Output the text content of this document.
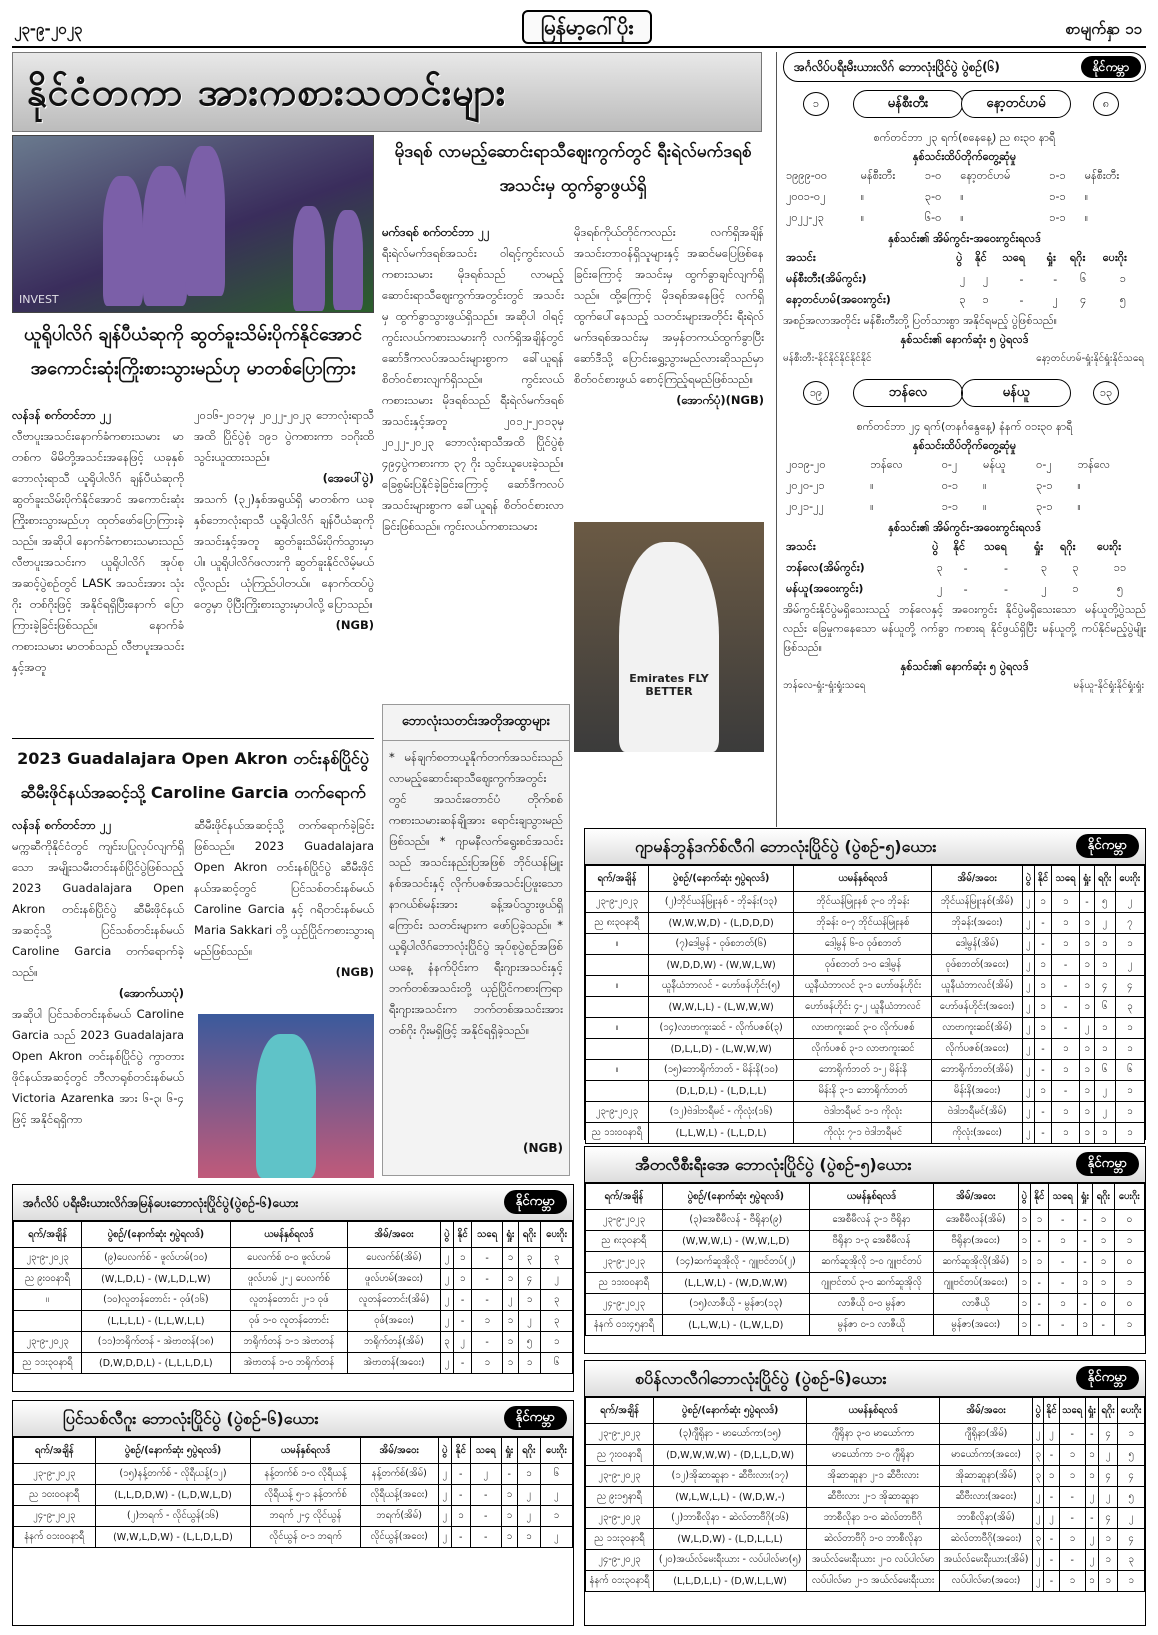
၂၃-၉-၂၀၂၃	မြန်မာ့ဂေါ်ပိုး	စာမျက်နှာ ၁၁
နိုင်ငံတကာ အားကစားသတင်းများ
INVEST
ယူရိုပါလိဂ် ချန်ပီယံဆုကို ဆွတ်ခူးသိမ်းပိုက်နိုင်အောင် အကောင်းဆုံးကြိုးစားသွားမည်ဟု မာတစ်ပြောကြား
လန်ဒန် စက်တင်ဘာ ၂၂
လီဗာပူးအသင်းနောက်ခံကစားသမား မာတစ်က မိမိတို့အသင်းအနေဖြင့် ယခုနှစ်ဘောလုံးရာသီ ယူရိုပါလိဂ် ချန်ပီယံဆုကို ဆွတ်ခူးသိမ်းပိုက်နိုင်အောင် အကောင်းဆုံးကြိုးစားသွားမည်ဟု ထုတ်ဖော်ပြောကြားခဲ့သည်။ အဆိုပါ နောက်ခံကစားသမားသည် လီဗာပူးအသင်းက ယူရိုပါလိဂ် အုပ်စုအဆင့်ပွဲစဉ်တွင် LASK အသင်းအား သုံးဂိုး တစ်ဂိုးဖြင့် အနိုင်ရရှိပြီးနောက် ပြောကြားခဲ့ခြင်းဖြစ်သည်။ နောက်ခံကစားသမား မာတစ်သည် လီဗာပူးအသင်းနှင့်အတူ
၂၀၁၆-၂၀၁၇မှ ၂၀၂၂-၂၀၂၃ ဘောလုံးရာသီအထိ ပြိုင်ပွဲစုံ ၁၉၁ ပွဲကစားကာ ၁၁ဂိုးထိ သွင်းယူထားသည်။
(အေပေါ်ပွဲ)
အသက် (၃၂)နှစ်အရွယ်ရှိ မာတစ်က ယခုနှစ်ဘောလုံးရာသီ ယူရိုပါလိဂ် ချန်ပီယံဆုကို အသင်းနှင့်အတူ ဆွတ်ခူးသိမ်းပိုက်သွားမှာပါ။ ယူရိုပါလိဂ်ဖလားကို ဆွတ်ခူးနိုင်လိမ့်မယ်လို့လည်း ယုံကြည်ပါတယ်။ နောက်ထပ်ပွဲတွေမှာ ပိုပြီးကြိုးစားသွားမှာပါလို့ ပြောသည်။
(NGB)
2023 Guadalajara Open Akron တင်းနစ်ပြိုင်ပွဲ ဆီမီးဖိုင်နယ်အဆင့်သို့ Caroline Garcia တက်ရောက်
လန်ဒန် စက်တင်ဘာ ၂၂
မက္ကဆီကိုနိုင်ငံတွင် ကျင်းပပြုလုပ်လျက်ရှိသော အမျိုးသမီးတင်းနစ်ပြိုင်ပွဲဖြစ်သည့် 2023 Guadalajara Open Akron တင်းနစ်ပြိုင်ပွဲ ဆီမီးဖိုင်နယ်အဆင့်သို့ ပြင်သစ်တင်းနစ်မယ် Caroline Garcia တက်ရောက်ခဲ့သည်။
(အောက်ယာပုံ)
အဆိုပါ ပြင်သစ်တင်းနစ်မယ် Caroline Garcia သည် 2023 Guadalajara Open Akron တင်းနစ်ပြိုင်ပွဲ ကွာတားဖိုင်နယ်အဆင့်တွင် ဘီလာရုစ်တင်းနစ်မယ် Victoria Azarenka အား ၆-၃၊ ၆-၄ ဖြင့် အနိုင်ရရှိကာ
ဆီမီးဖိုင်နယ်အဆင့်သို့ တက်ရောက်ခဲ့ခြင်းဖြစ်သည်။ 2023 Guadalajara Open Akron တင်းနစ်ပြိုင်ပွဲ ဆီမီးဖိုင်နယ်အဆင့်တွင် ပြင်သစ်တင်းနစ်မယ် Caroline Garcia နှင့် ဂရိတင်းနစ်မယ် Maria Sakkari တို့ ယှဉ်ပြိုင်ကစားသွားရမည်ဖြစ်သည်။
(NGB)
မိုဒရစ် လာမည့်ဆောင်းရာသီဈေးကွက်တွင် ရီးရဲလ်မက်ဒရစ်အသင်းမှ ထွက်ခွာဖွယ်ရှိ
မက်ဒရစ် စက်တင်ဘာ ၂၂
ရီးရဲလ်မက်ဒရစ်အသင်း ဝါရင့်ကွင်းလယ်ကစားသမား မိုဒရစ်သည် လာမည့် ဆောင်းရာသီဈေးကွက်အတွင်းတွင် အသင်းမှ ထွက်ခွာသွားဖွယ်ရှိသည်။ အဆိုပါ ဝါရင့်ကွင်းလယ်ကစားသမားကို လက်ရှိအချိန်တွင် ဆော်ဒီကလပ်အသင်းများစွာက ခေါ်ယူရန် စိတ်ဝင်စားလျက်ရှိသည်။ ကွင်းလယ်ကစားသမား မိုဒရစ်သည် ရီးရဲလ်မက်ဒရစ်အသင်းနှင့်အတူ ၂၀၁၂-၂၀၁၃မှ ၂၀၂၂-၂၀၂၃ ဘောလုံးရာသီအထိ ပြိုင်ပွဲစုံ ၄၉၄ပွဲကစားကာ ၃၇ ဂိုး သွင်းယူပေးခဲ့သည်။ ခြေစွမ်းပြနိုင်ခဲ့ခြင်းကြောင့် ဆော်ဒီကလပ်အသင်းများစွာက ခေါ်ယူရန် စိတ်ဝင်စားလာခြင်းဖြစ်သည်။ ကွင်းလယ်ကစားသမား
မိုဒရစ်ကိုယ်တိုင်ကလည်း လက်ရှိအချိန် အသင်းတာဝန်ရှိသူများနှင့် အဆင်မပြေဖြစ်နေခြင်းကြောင့် အသင်းမှ ထွက်ခွာချင်လျက်ရှိသည်။ ထို့ကြောင့် မိုဒရစ်အနေဖြင့် လက်ရှိထွက်ပေါ်နေသည့် သတင်းများအတိုင်း ရီးရဲလ်မက်ဒရစ်အသင်းမှ အမှန်တကယ်ထွက်ခွာပြီး ဆော်ဒီသို့ ပြောင်းရွှေ့သွားမည်လားဆိုသည်မှာ စိတ်ဝင်စားဖွယ် စောင့်ကြည့်ရမည်ဖြစ်သည်။
(အောက်ပုံ)(NGB)
Emirates FLY BETTER
ဘောလုံးသတင်းအတိုအထွာများ
* မန်ချက်စတာယူနိုက်တက်အသင်းသည် လာမည့်ဆောင်းရာသီဈေးကွက်အတွင်းတွင် အသင်းတောင်ပံ တိုက်စစ်ကစားသမားဆန်ချိုအား ရောင်းချသွားမည်ဖြစ်သည်။ * ဂျာမနီလက်ရွေးစင်အသင်းသည် အသင်းနည်းပြအဖြစ် ဘိုင်ယန်မြူးနစ်အသင်းနှင့် လိုက်ပဇစ်အသင်းပြဖူးသော နာဂယ်စ်မန်းအား ခန့်အပ်သွားဖွယ်ရှိကြောင်း သတင်းများက ဖော်ပြခဲ့သည်။ * ယူရိုပါလိဂ်ဘောလုံးပြိုင်ပွဲ အုပ်စုပွဲစဉ်အဖြစ် ယနေ့ နံနက်ပိုင်းက ရီးဂျားအသင်းနှင့် ဘက်တစ်အသင်းတို့ ယှဉ်ပြိုင်ကစားကြရာ ရီးဂျားအသင်းက ဘက်တစ်အသင်းအား တစ်ဂိုး ဂိုးမရှိဖြင့် အနိုင်ရရှိခဲ့သည်။
(NGB)
အင်္ဂလိပ်ပရီးမီးယားလိဂ် ဘောလုံးပြိုင်ပွဲ ပွဲစဉ်(၆)	နိုင်ကမ္ဘာ
၁	မန်စီးတီး	နော့တင်ဟမ်	၈
စက်တင်ဘာ ၂၃ ရက်(စနေနေ့) ည ၈း၃၀ နာရီ
နှစ်သင်းထိပ်တိုက်တွေ့ဆုံမှု
၁၉၉၉-၀၀	မန်စီးတီး	၁-၀	နော့တင်ဟမ်	၁-၁	မန်စီးတီး
၂၀၀၁-၀၂	။	၃-၀	။	၁-၁	။
၂၀၂၂-၂၃	။	၆-၀	။	၁-၁	။
နှစ်သင်း၏ အိမ်ကွင်း-အဝေးကွင်းရလဒ်
အသင်း	ပွဲ	နိုင်	သရေ	ရှုံး	ရဂိုး	ပေးဂိုး
မန်စီးတီး(အိမ်ကွင်း)	၂	၂	-	-	၆	၁
နော့တင်ဟမ်(အဝေးကွင်း)	၃	၁	-	၂	၄	၅
အစဉ်အလာအတိုင်း မန်စီးတီးတို့ ပြတ်သားစွာ အနိုင်ရမည့် ပွဲဖြစ်သည်။
နှစ်သင်း၏ နောက်ဆုံး ၅ ပွဲရလဒ်
မန်စီးတီး-နိုင်နိုင်နိုင်နိုင်နိုင်	နော့တင်ဟမ်-ရှုံးနိုင်ရှုံးနိုင်သရေ
၁၉	ဘန်လေ	မန်ယူ	၁၃
စက်တင်ဘာ ၂၄ ရက်(တနင်္ဂနွေနေ့) နံနက် ၀၁း၃၀ နာရီ
နှစ်သင်းထိပ်တိုက်တွေ့ဆုံမှု
၂၀၁၉-၂၀	ဘန်လေ	၀-၂	မန်ယူ	၀-၂	ဘန်လေ
၂၀၂၀-၂၁	။	၀-၁	။	၃-၁	။
၂၀၂၁-၂၂	။	၁-၁	။	၃-၁	။
နှစ်သင်း၏ အိမ်ကွင်း-အဝေးကွင်းရလဒ်
အသင်း	ပွဲ	နိုင်	သရေ	ရှုံး	ရဂိုး	ပေးဂိုး
ဘန်လေ(အိမ်ကွင်း)	၃	-	-	၃	၃	၁၁
မန်ယူ(အဝေးကွင်း)	၂	-	-	၂	၁	၅
အိမ်ကွင်းနိုင်ပွဲမရှိသေးသည့် ဘန်လေနှင့် အဝေးကွင်း နိုင်ပွဲမရှိသေးသော မန်ယူတို့ပွဲသည်လည်း ခြေမှုကနေသော မန်ယူတို့ ဂက်ခွာ ကစားရ နိုင်ဖွယ်ရှိပြီး မန်ယူတို့ ကပ်နိုင်မည့်ပွဲမျိုးဖြစ်သည်။
နှစ်သင်း၏ နောက်ဆုံး ၅ ပွဲရလဒ်
ဘန်လေ-ရှုံး-ရှုံးရှုံးသရေ	မန်ယူ-နိုင်ရှုံးနိုင်ရှုံးရှုံး
ဂျာမန်ဘွန်ဒက်စ်လီဂါ ဘောလုံးပြိုင်ပွဲ (ပွဲစဉ်-၅)ယေား	နိုင်ကမ္ဘာ
ရက်/အချိန်	ပွဲစဉ်/(နောက်ဆုံး ၅ပွဲရလဒ်)	ယမန်နှစ်ရလဒ်	အိမ်/အဝေး	ပွဲ	နိုင်	သရေ	ရှုံး	ရဂိုး	ပေးဂိုး
၂၃-၉-၂၀၂၃	(၂)ဘိုင်ယန်မြူးနစ် - ဘိုခန်း(၁၃)	ဘိုင်ယန်မြူးနစ် ၃-၀ ဘိုခန်း	ဘိုင်ယန်မြူးနစ်(အိမ်)	၂	၁	၁	-	၅	၂
ည ၈း၃၀နာရီ	(W,W,W,D) - (L,D,D,D)	ဘိုခန်း ၀-၇ ဘိုင်ယန်မြူးနစ်	ဘိုခန်း(အဝေး)	၂	-	၁	၁	၂	၇
။	(၇)ဒေါ့မွန် - ဝုဖ်စဘတ်(၆)	ဒေါ့မွန် ၆-၀ ဝုဖ်စဘတ်	ဒေါ့မွန်(အိမ်)	၂	-	၁	၁	၁	၁
	(W,D,D,W) - (W,W,L,W)	ဝုဖ်စဘတ် ၁-၀ ဒေါ့မွန်	ဝုဖ်စဘတ်(အဝေး)	၂	၁	-	၁	၁	၂
။	ယူနီယံဘာလင် - ဟော်ဖန်ဟိုင်း(၅)	ယူနီယံဘာလင် ၃-၁ ဟော်ဖန်ဟိုင်း	ယူနီယံဘာလင်(အိမ်)	၂	၁	-	၁	၄	၄
	(W,W,L,L) - (L,W,W,W)	ဟော်ဖန်ဟိုင်း ၄-၂ ယူနီယံဘာလင်	ဟော်ဖန်ဟိုင်း(အဝေး)	၂	၁	-	၁	၆	၃
။	(၁၄)လာဗာကူးဆင် - လိုက်ပဇစ်(၃)	လာဗာကူးဆင် ၃-၀ လိုက်ပဇစ်	လာဗာကူးဆင်(အိမ်)	၂	၁	-	၂	၁	၁
	(D,L,L,D) - (L,W,W,W)	လိုက်ပဇစ် ၃-၁ လာဗာကူးဆင်	လိုက်ပဇစ်(အဝေး)	၂	-	၁	၁	၁	၁
။	(၁၅)ဘောရိုက်ဘတ် - မိန်းနိ(၁၀)	ဘောရိုက်ဘတ် ၁-၂ မိန်းနိ	ဘောရိုက်ဘတ်(အိမ်)	၂	-	၁	၁	၆	၆
	(D,L,D,L) - (L,D,L,L)	မိန်းနိ ၃-၁ ဘောရိုက်ဘတ်	မိန်းနိ(အဝေး)	၂	၁	-	၁	၂	၁
၂၃-၉-၂၀၂၃	(၁၂)ဗဲဒါဘရီမင် - ကိုလုံး(၁၆)	ဗဲဒါဘရီမင် ၁-၁ ကိုလုံး	ဗဲဒါဘရီမင်(အိမ်)	၂	-	၁	၁	၂	၁
ည ၁၁း၀၀နာရီ	(L,L,W,L) - (L,L,D,L)	ကိုလုံး ၇-၁ ဗဲဒါဘရီမင်	ကိုလုံး(အဝေး)	၂	-	၁	၁	၁	၁
အီတလီစီးရီးအေ ဘောလုံးပြိုင်ပွဲ (ပွဲစဉ်-၅)ယေား	နိုင်ကမ္ဘာ
ရက်/အချိန်	ပွဲစဉ်/(နောက်ဆုံး ၅ပွဲရလဒ်)	ယမန်နှစ်ရလဒ်	အိမ်/အဝေး	ပွဲ	နိုင်	သရေ	ရှုံး	ရဂိုး	ပေးဂိုး
၂၃-၉-၂၀၂၃	(၃)အေစီမီလန် - ဗီရိုနာ(၉)	အေစီမီလန် ၃-၁ ဗီရိုနာ	အေစီမီလန်(အိမ်)	၁	၁	-	-	၁	၀
ည ၈း၃၀နာရီ	(W,W,W,L) - (W,W,L,D)	ဗီရိုနာ ၁-၃ အေစီမီလန်	ဗီရိုနာ(အဝေး)	၁	-	၁	-	၁	၁
၂၃-၉-၂၀၂၃	(၁၄)ဆက်ဆူအိုလို - ဂျူဗင်တပ်(၂)	ဆက်ဆူအိုလို ၁-၀ ဂျူဗင်တပ်	ဆက်ဆူအိုလို(အိမ်)	၁	၁	-	-	၁	၀
ည ၁၁း၀၀နာရီ	(L,L,W,L) - (W,D,W,W)	ဂျူဗင်တပ် ၃-၀ ဆက်ဆူအိုလို	ဂျူဗင်တပ်(အဝေး)	၁	-	-	၁	၁	၁
၂၄-၉-၂၀၂၃	(၁၅)လာဇီယို - မွန်ဇာ(၁၃)	လာဇီယို ၀-၀ မွန်ဇာ	လာဇီယို	၁	-	၁	-	၀	၀
နံနက် ၀၁း၄၅နာရီ	(L,L,W,L) - (L,W,L,D)	မွန်ဇာ ၀-၁ လာဇီယို	မွန်ဇာ(အဝေး)	၁	-	-	၁	-	၁
စပိန်လာလီဂါဘောလုံးပြိုင်ပွဲ (ပွဲစဉ်-၆)ယေား	နိုင်ကမ္ဘာ
ရက်/အချိန်	ပွဲစဉ်/(နောက်ဆုံး ၅ပွဲရလဒ်)	ယမန်နှစ်ရလဒ်	အိမ်/အဝေး	ပွဲ	နိုင်	သရေ	ရှုံး	ရဂိုး	ပေးဂိုး
၂၃-၉-၂၀၂၃	(၃)ဂျီရိုနာ - မာယော်ကာ(၁၅)	ဂျီရိုနာ ၃-၀ မာယော်ကာ	ဂျီရိုနာ(အိမ်)	၂	၂	-	-	၄	၁
ည ၇း၀၀နာရီ	(D,W,W,W,W) - (D,L,L,D,W)	မာယော်ကာ ၁-၀ ဂျီရိုနာ	မာယော်ကာ(အဝေး)	၃	-	၁	၁	၂	၅
၂၃-၉-၂၀၂၃	(၁၂)အိုဆာဆူနာ - ဆီဗီးလား(၁၇)	အိုဆာဆူနာ ၂-၁ ဆီဗီးလား	အိုဆာဆူနာ(အိမ်)	၃	၁	၁	၁	၄	၄
ည ၉း၁၅နာရီ	(W,L,W,L,L) - (W,D,W,-)	ဆီဗီးလား ၂-၁ အိုဆာဆူနာ	ဆီဗီးလား(အဝေး)	၂	-	-	၂	၂	၅
၂၃-၉-၂၀၂၃	(၂)ဘာစီလိုနာ - ဆဲလ်တာဗီဂို(၁၆)	ဘာစီလိုနာ ၁-၀ ဆဲလ်တာဗီဂို	ဘာစီလိုနာ(အိမ်)	၂	၂	-	-	၄	၂
ည ၁၁း၃၀နာရီ	(W,L,D,W) - (L,D,L,L,L)	ဆဲလ်တာဗီဂို ၁-၀ ဘာစီလိုနာ	ဆဲလ်တာဗီဂို(အဝေး)	၃	-	၁	၂	၁	၄
၂၄-၉-၂၀၂၃	(၂၀)အယ်လ်မေးရီးယား - လပ်ပါလ်မာ(၅)	အယ်လ်မေးရီးယား ၂-၀ လပ်ပါလ်မာ	အယ်လ်မေးရီးယား(အိမ်)	၂	-	-	၂	၁	၃
နံနက် ၀၁း၃၀နာရီ	(L,L,D,L,L) - (D,W,L,L,W)	လပ်ပါလ်မာ ၂-၁ အယ်လ်မေးရီးယား	လပ်ပါလ်မာ(အဝေး)	၂	-	၁	၁	၁	၁
အင်္ဂလိပ် ပရီးမီးယားလိဂ်အမြန်ပေးဘောလုံးပြိုင်ပွဲ(ပွဲစဉ်-၆)ယေား	နိုင်ကမ္ဘာ
ရက်/အချိန်	ပွဲစဉ်/(နောက်ဆုံး ၅ပွဲရလဒ်)	ယမန်နှစ်ရလဒ်	အိမ်/အဝေး	ပွဲ	နိုင်	သရေ	ရှုံး	ရဂိုး	ပေးဂိုး
၂၃-၉-၂၀၂၃	(၉)ပေလက်စ် - ဖူလ်ဟမ်(၁၀)	ပေလက်စ် ၀-၀ ဖူလ်ဟမ်	ပေလက်စ်(အိမ်)	၂	၁	-	၁	၃	၃
ည ၉း၀၀နာရီ	(W,L,D,L) - (W,L,D,L,W)	ဖူလ်ဟမ် ၂-၂ ပေလက်စ်	ဖူလ်ဟမ်(အဝေး)	၂	၁	-	၁	၄	၂
။	(၁၀)လူတန်တောင်း - ဝုဖ်(၁၆)	လူတန်တောင်း ၂-၁ ဝုဖ်	လူတန်တောင်း(အိမ်)	၂	-	-	၂	၁	၃
	(L,L,L,L) - (L,L,W,L,L)	ဝုဖ် ၁-၀ လူတန်တောင်း	ဝုဖ်(အဝေး)	၂	-	၁	၁	၂	၃
၂၃-၉-၂၀၂၃	(၁၁)ဘရိုက်တန် - အဲဗာတန်(၁၈)	ဘရိုက်တန် ၁-၁ အဲဗာတန်	ဘရိုက်တန်(အိမ်)	၃	၂	-	၁	၅	၁
ည ၁၁း၃၀နာရီ	(D,W,D,D,L) - (L,L,L,D,L)	အဲဗာတန် ၁-၀ ဘရိုက်တန်	အဲဗာတန်(အဝေး)	၂	-	၁	၁	၁	၆
ပြင်သစ်လီဂူး ဘောလုံးပြိုင်ပွဲ (ပွဲစဉ်-၆)ယေား	နိုင်ကမ္ဘာ
ရက်/အချိန်	ပွဲစဉ်/(နောက်ဆုံး ၅ပွဲရလဒ်)	ယမန်နှစ်ရလဒ်	အိမ်/အဝေး	ပွဲ	နိုင်	သရေ	ရှုံး	ရဂိုး	ပေးဂိုး
၂၃-၉-၂၀၂၃	(၁၅)နန့်တက်စ် - လိုရီယန့်(၁၂)	နန့်တက်စ် ၁-၀ လိုရီယန့်	နန့်တက်စ်(အိမ်)	၂	-	၂	-	၁	၆
ည ၁၀း၀၀နာရီ	(L,L,D,D,W) - (L,D,W,L,D)	လိုရီယန့် ၅-၁ နန့်တက်စ်	လိုရီယန့်(အဝေး)	၂	-	-	၁	၂	၂
၂၄-၉-၂၀၂၃	(၂)ဘရက် - လိုင်ယွန်(၁၆)	ဘရက် ၂-၄ လိုင်ယွန်	ဘရက်(အိမ်)	၂	၁	-	၁	၂	၁
နံနက် ၀၁း၀၀နာရီ	(W,W,L,D,W) - (L,L,D,L,D)	လိုင်ယွန် ၀-၁ ဘရက်	လိုင်ယွန်(အဝေး)	၂	-	-	၁	၁	၂
